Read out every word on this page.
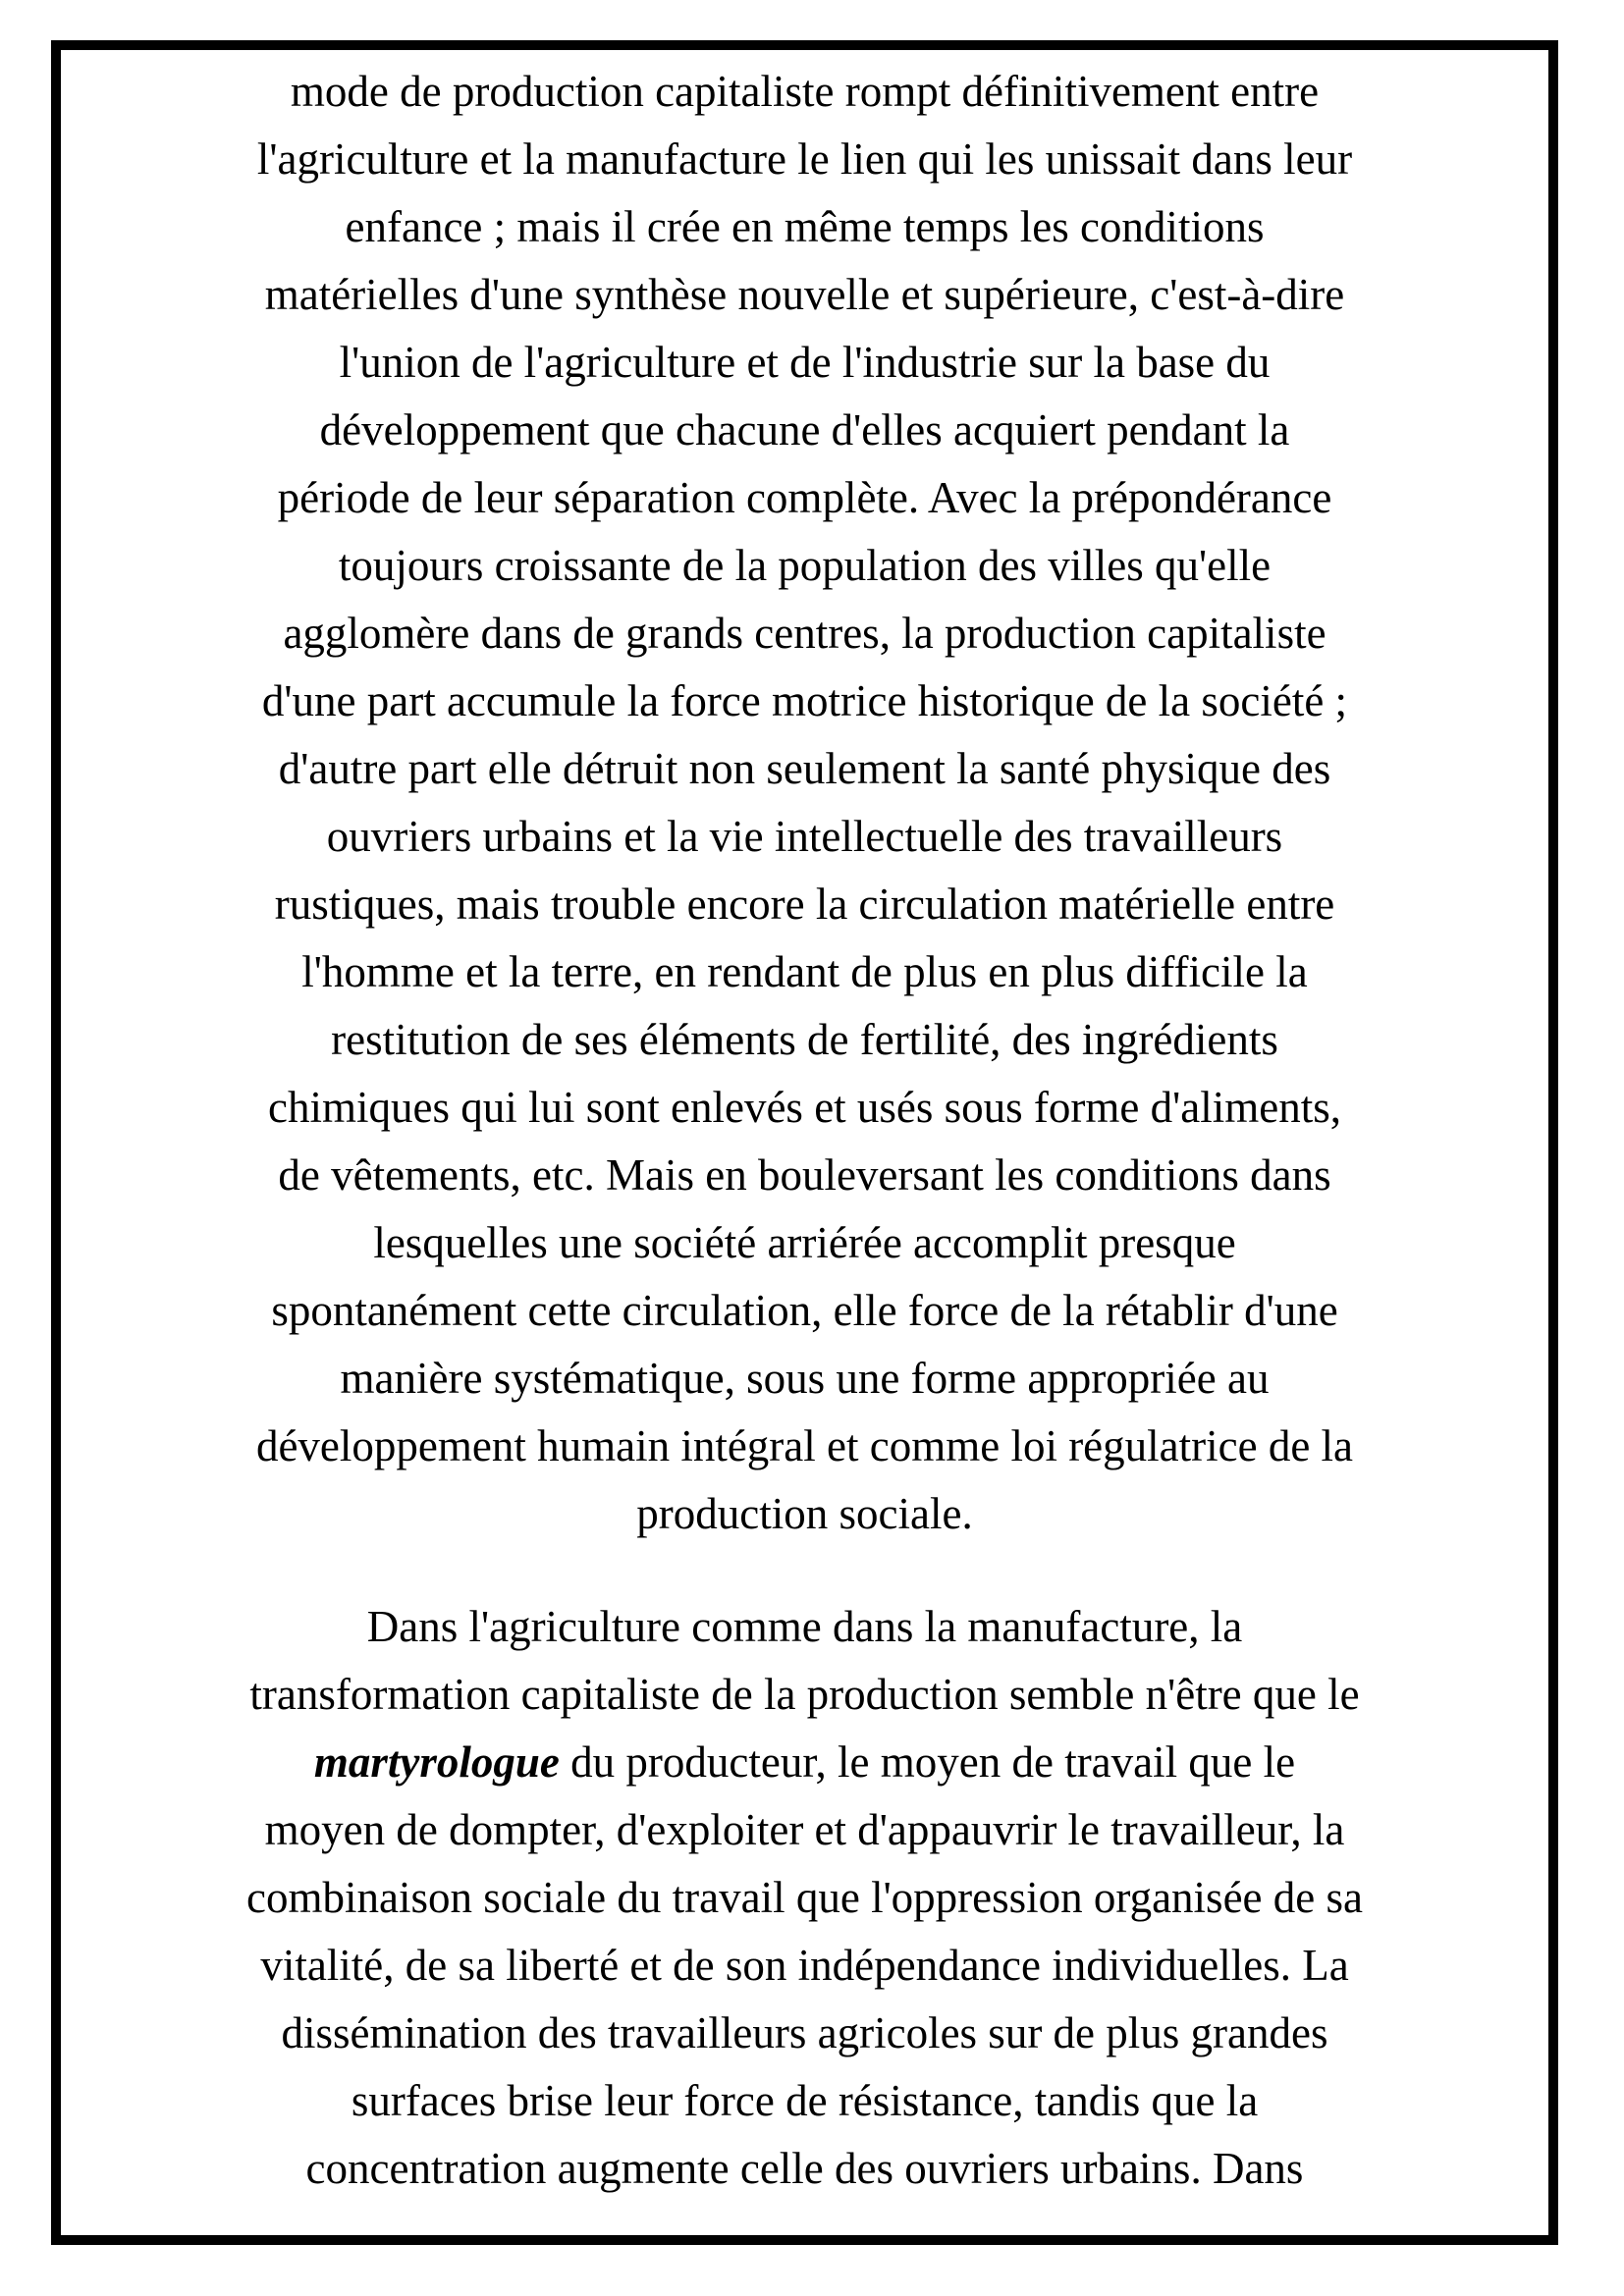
mode de production capitaliste rompt définitivement entre
l'agriculture et la manufacture le lien qui les unissait dans leur
enfance ; mais il crée en même temps les conditions
matérielles d'une synthèse nouvelle et supérieure, c'est-à-dire
l'union de l'agriculture et de l'industrie sur la base du
développement que chacune d'elles acquiert pendant la
période de leur séparation complète. Avec la prépondérance
toujours croissante de la population des villes qu'elle
agglomère dans de grands centres, la production capitaliste
d'une part accumule la force motrice historique de la société ;
d'autre part elle détruit non seulement la santé physique des
ouvriers urbains et la vie intellectuelle des travailleurs
rustiques, mais trouble encore la circulation matérielle entre
l'homme et la terre, en rendant de plus en plus difficile la
restitution de ses éléments de fertilité, des ingrédients
chimiques qui lui sont enlevés et usés sous forme d'aliments,
de vêtements, etc. Mais en bouleversant les conditions dans
lesquelles une société arriérée accomplit presque
spontanément cette circulation, elle force de la rétablir d'une
manière systématique, sous une forme appropriée au
développement humain intégral et comme loi régulatrice de la
production sociale.
Dans l'agriculture comme dans la manufacture, la
transformation capitaliste de la production semble n'être que le
martyrologue du producteur, le moyen de travail que le
moyen de dompter, d'exploiter et d'appauvrir le travailleur, la
combinaison sociale du travail que l'oppression organisée de sa
vitalité, de sa liberté et de son indépendance individuelles. La
dissémination des travailleurs agricoles sur de plus grandes
surfaces brise leur force de résistance, tandis que la
concentration augmente celle des ouvriers urbains. Dans
